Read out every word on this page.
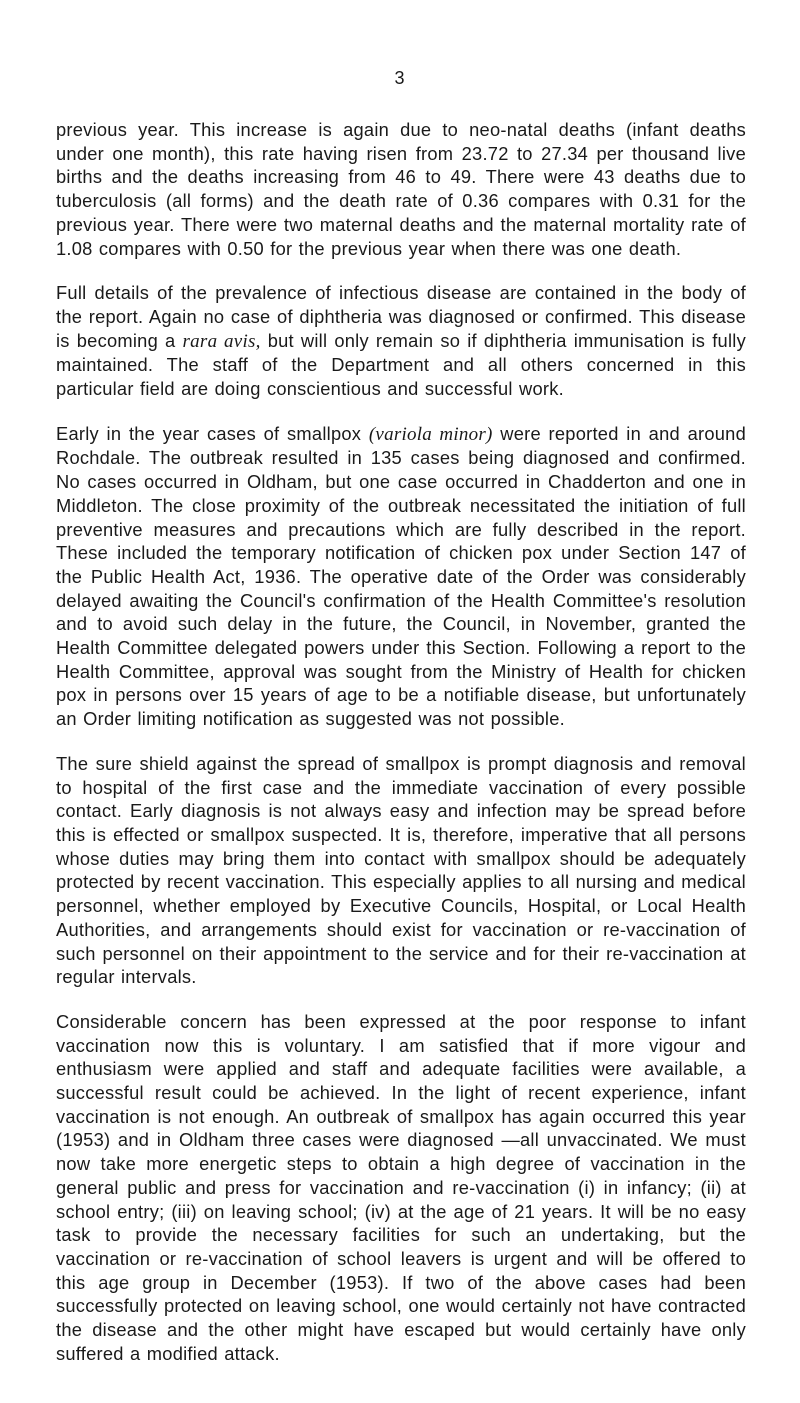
3

previous year. This increase is again due to neo-natal deaths (infant deaths under one month), this rate having risen from 23.72 to 27.34 per thousand live births and the deaths increasing from 46 to 49. There were 43 deaths due to tuberculosis (all forms) and the death rate of 0.36 compares with 0.31 for the previous year. There were two maternal deaths and the maternal mortality rate of 1.08 compares with 0.50 for the previous year when there was one death.

Full details of the prevalence of infectious disease are contained in the body of the report. Again no case of diphtheria was diagnosed or confirmed. This disease is becoming a rara avis, but will only remain so if diphtheria immunisation is fully maintained. The staff of the Department and all others concerned in this particular field are doing conscientious and successful work.

Early in the year cases of smallpox (variola minor) were reported in and around Rochdale. The outbreak resulted in 135 cases being diagnosed and confirmed. No cases occurred in Oldham, but one case occurred in Chadderton and one in Middleton. The close proximity of the outbreak necessitated the initiation of full preventive measures and precautions which are fully described in the report. These included the temporary notification of chicken pox under Section 147 of the Public Health Act, 1936. The operative date of the Order was considerably delayed awaiting the Council's confirmation of the Health Committee's resolution and to avoid such delay in the future, the Council, in November, granted the Health Committee delegated powers under this Section. Following a report to the Health Committee, approval was sought from the Ministry of Health for chicken pox in persons over 15 years of age to be a notifiable disease, but unfortunately an Order limiting notification as suggested was not possible.

The sure shield against the spread of smallpox is prompt diagnosis and removal to hospital of the first case and the immediate vaccination of every possible contact. Early diagnosis is not always easy and infection may be spread before this is effected or smallpox suspected. It is, therefore, imperative that all persons whose duties may bring them into contact with smallpox should be adequately protected by recent vaccination. This especially applies to all nursing and medical personnel, whether employed by Executive Councils, Hospital, or Local Health Authorities, and arrangements should exist for vaccination or re-vaccination of such personnel on their appointment to the service and for their re-vaccination at regular intervals.

Considerable concern has been expressed at the poor response to infant vaccination now this is voluntary. I am satisfied that if more vigour and enthusiasm were applied and staff and adequate facilities were available, a successful result could be achieved. In the light of recent experience, infant vaccination is not enough. An outbreak of smallpox has again occurred this year (1953) and in Oldham three cases were diagnosed —all unvaccinated. We must now take more energetic steps to obtain a high degree of vaccination in the general public and press for vaccination and re-vaccination (i) in infancy; (ii) at school entry; (iii) on leaving school; (iv) at the age of 21 years. It will be no easy task to provide the necessary facilities for such an undertaking, but the vaccination or re-vaccination of school leavers is urgent and will be offered to this age group in December (1953). If two of the above cases had been successfully protected on leaving school, one would certainly not have contracted the disease and the other might have escaped but would certainly have only suffered a modified attack.
